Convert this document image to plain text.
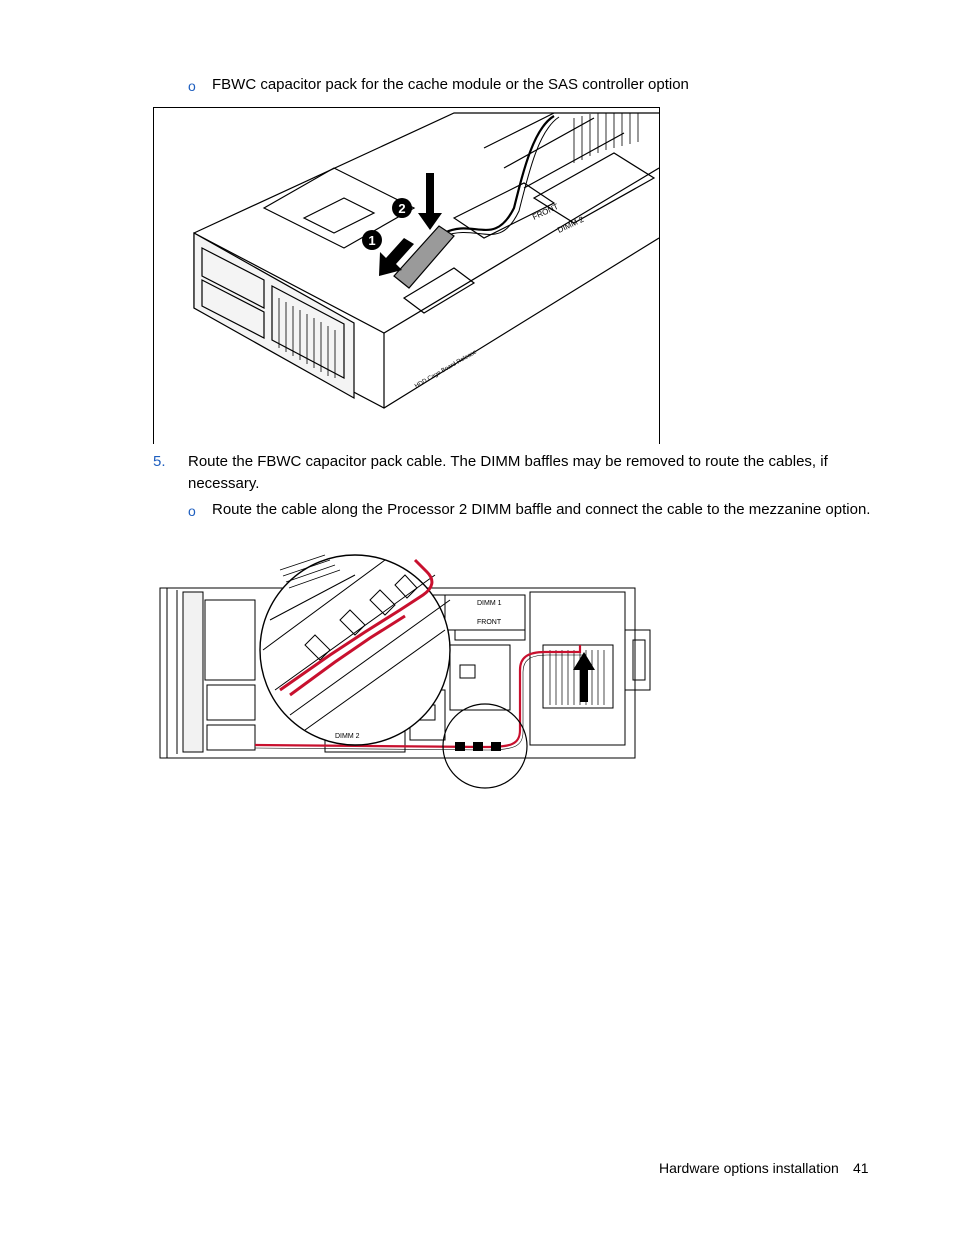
o FBWC capacitor pack for the cache module or the SAS controller option
2
1
FRONT
DIMM 2
HDD Cage Board Release
5. Route the FBWC capacitor pack cable. The DIMM baffles may be removed to route the cables, if
necessary.
o Route the cable along the Processor 2 DIMM baffle and connect the cable to the mezzanine option.
DIMM 1
FRONT
DIMM 2
Hardware options installation 41
